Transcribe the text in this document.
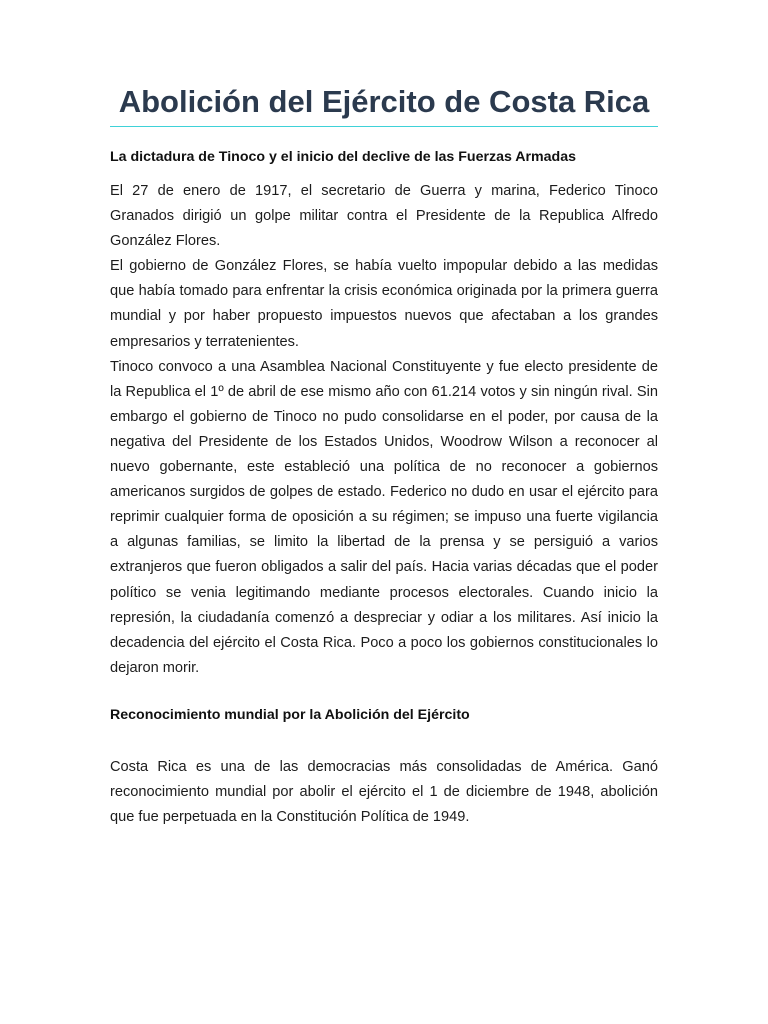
Abolición del Ejército de Costa Rica
La dictadura de Tinoco y el inicio del declive de las Fuerzas Armadas

El 27 de enero de 1917, el secretario de Guerra y marina, Federico Tinoco Granados dirigió un golpe militar contra el Presidente de la Republica Alfredo González Flores.

El gobierno de González Flores, se había vuelto impopular debido a las medidas que había tomado para enfrentar la crisis económica originada por la primera guerra mundial y por haber propuesto impuestos nuevos que afectaban a los grandes empresarios y terratenientes.

Tinoco convoco a una Asamblea Nacional Constituyente y fue electo presidente de la Republica el 1º de abril de ese mismo año con 61.214 votos y sin ningún rival. Sin embargo el gobierno de Tinoco no pudo consolidarse en el poder, por causa de la negativa del Presidente de los Estados Unidos, Woodrow Wilson a reconocer al nuevo gobernante, este estableció una política de no reconocer a gobiernos americanos surgidos de golpes de estado. Federico no dudo en usar el ejército para reprimir cualquier forma de oposición a su régimen; se impuso una fuerte vigilancia a algunas familias, se limito la libertad de la prensa y se persiguió a varios extranjeros que fueron obligados a salir del país. Hacia varias décadas que el poder político se venia legitimando mediante procesos electorales. Cuando inicio la represión, la ciudadanía comenzó a despreciar y odiar a los militares. Así inicio la decadencia del ejército el Costa Rica. Poco a poco los gobiernos constitucionales lo dejaron morir.

Reconocimiento mundial por la Abolición del Ejército

Costa Rica es una de las democracias más consolidadas de América. Ganó reconocimiento mundial por abolir el ejército el 1 de diciembre de 1948, abolición que fue perpetuada en la Constitución Política de 1949.
